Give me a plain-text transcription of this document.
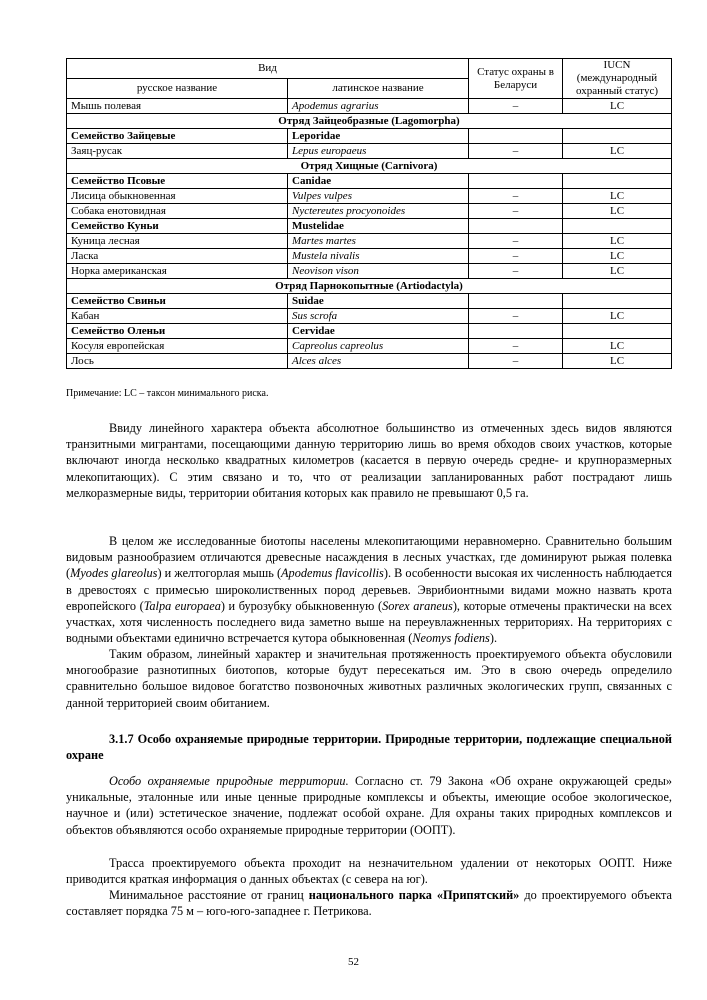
Вид		Статус охраны в Беларуси	IUCN (международный охранный статус)
русское название	латинское название		
Мышь полевая	Apodemus agrarius	–	LC
Отряд Зайцеобразные (Lagomorpha)			
Семейство Зайцевые	Leporidae		
Заяц-русак	Lepus europaeus	–	LC
Отряд Хищные (Carnivora)			
Семейство Псовые	Canidae		
Лисица обыкновенная	Vulpes vulpes	–	LC
Собака енотовидная	Nyctereutes procyonoides	–	LC
Семейство Куньи	Mustelidae		
Куница лесная	Martes martes	–	LC
Ласка	Mustela nivalis	–	LC
Норка американская	Neovison vison	–	LC
Отряд Парнокопытные (Artiodactyla)			
Семейство Свиньи	Suidae		
Кабан	Sus scrofa	–	LC
Семейство Оленьи	Cervidae		
Косуля европейская	Capreolus capreolus	–	LC
Лось	Alces alces	–	LC
Примечание: LC – таксон минимального риска.

Ввиду линейного характера объекта абсолютное большинство из отмеченных здесь видов являются транзитными мигрантами, посещающими данную территорию лишь во время обходов своих участков, которые включают иногда несколько квадратных километров (касается в первую очередь средне- и крупноразмерных млекопитающих). С этим связано и то, что от реализации запланированных работ пострадают лишь мелкоразмерные виды, территории обитания которых как правило не превышают 0,5 га.

В целом же исследованные биотопы населены млекопитающими неравномерно. Сравнительно большим видовым разнообразием отличаются древесные насаждения в лесных участках, где доминируют рыжая полевка (Myodes glareolus) и желтогорлая мышь (Apodemus flavicollis). В особенности высокая их численность наблюдается в древостоях с примесью широколиственных пород деревьев. Эврибионтными видами можно назвать крота европейского (Talpa europaea) и бурозубку обыкновенную (Sorex araneus), которые отмечены практически на всех участках, хотя численность последнего вида заметно выше на переувлажненных территориях. На территориях с водными объектами единично встречается кутора обыкновенная (Neomys fodiens).

Таким образом, линейный характер и значительная протяженность проектируемого объекта обусловили многообразие разнотипных биотопов, которые будут пересекаться им. Это в свою очередь определило сравнительно большое видовое богатство позвоночных животных различных экологических групп, связанных с данной территорией своим обитанием.

3.1.7 Особо охраняемые природные территории. Природные территории, подлежащие специальной охране

Особо охраняемые природные территории. Согласно ст. 79 Закона «Об охране окружающей среды» уникальные, эталонные или иные ценные природные комплексы и объекты, имеющие особое экологическое, научное и (или) эстетическое значение, подлежат особой охране. Для охраны таких природных комплексов и объектов объявляются особо охраняемые природные территории (ООПТ).

Трасса проектируемого объекта проходит на незначительном удалении от некоторых ООПТ. Ниже приводится краткая информация о данных объектах (с севера на юг).

Минимальное расстояние от границ национального парка «Припятский» до проектируемого объекта составляет порядка 75 м – юго-юго-западнее г. Петрикова.

52
